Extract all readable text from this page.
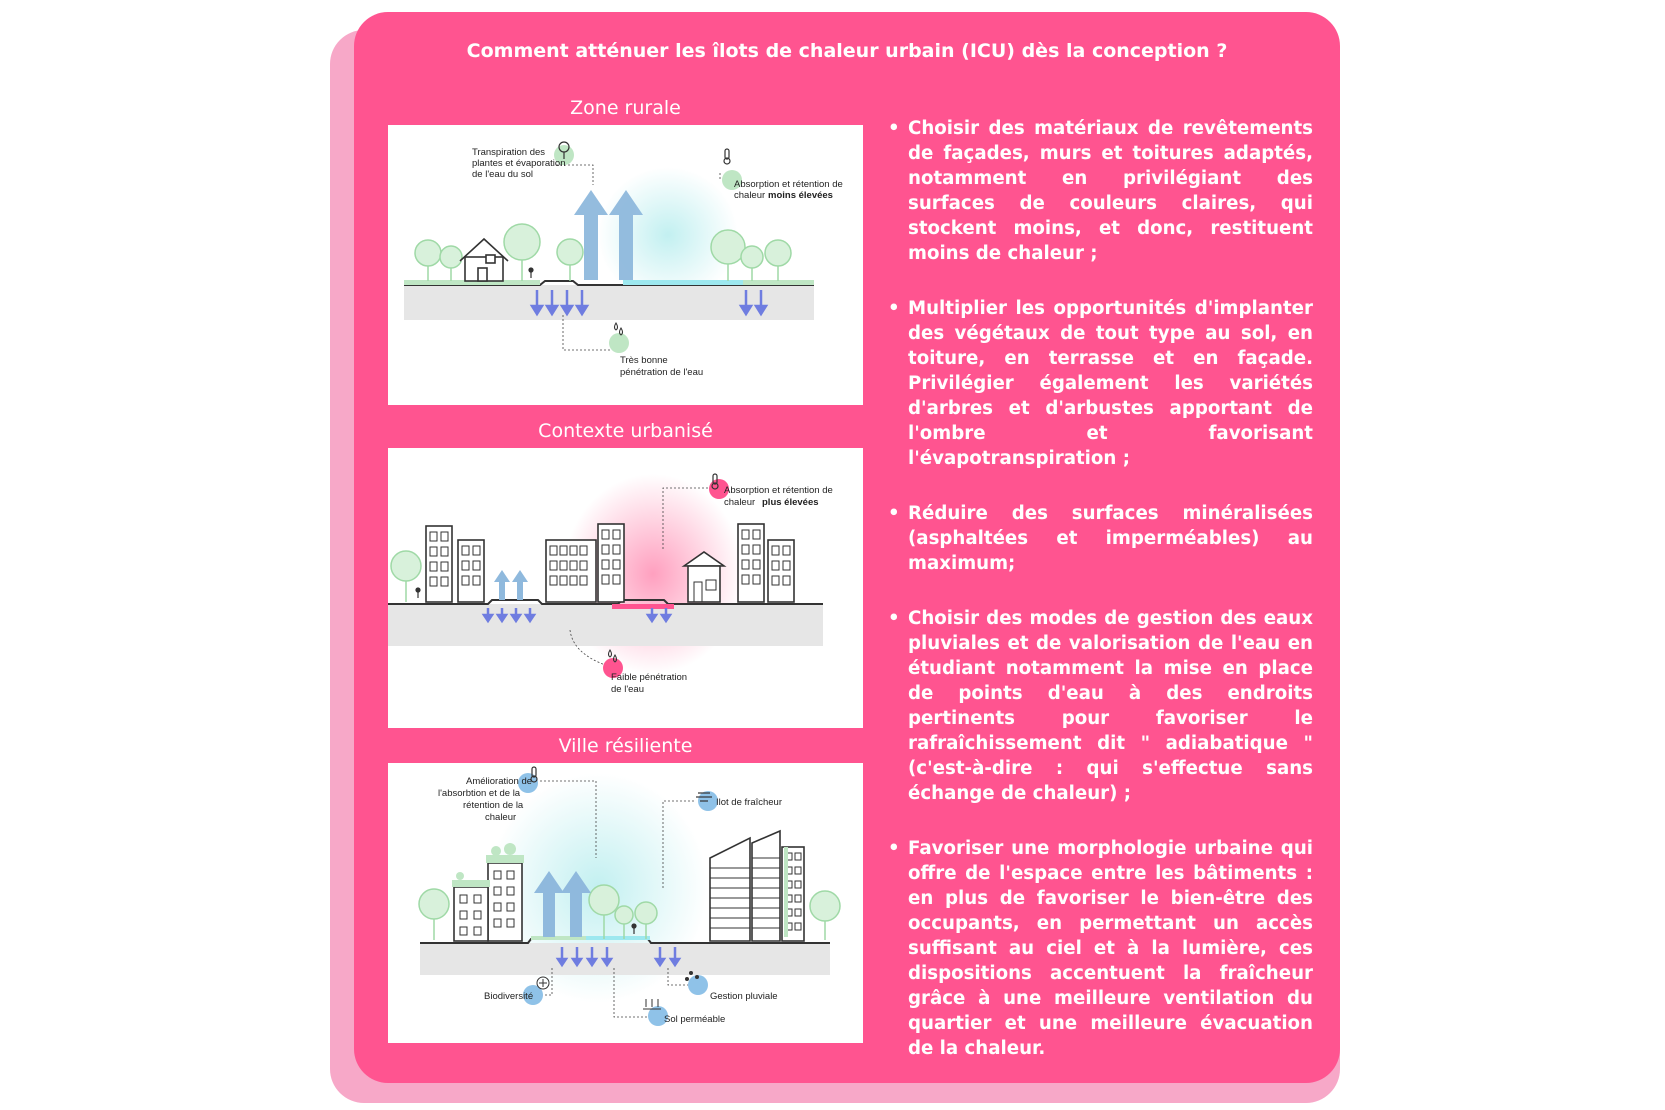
Comment atténuer les îlots de chaleur urbain (ICU) dès la conception ?
Zone rurale
Transpiration des
plantes et évaporation
de l'eau du sol
Absorption et rétention de
chaleur moins élevées
Très bonne
pénétration de l'eau
Contexte urbanisé
Absorption et rétention de
chaleur plus élevées
Faible pénétration
de l'eau
Ville résiliente
Amélioration de
l'absorbtion et de la
rétention de la
chaleur
Ilot de fraîcheur
Gestion pluviale
Biodiversité
Sol perméable
• Choisir des matériaux de revêtements de façades, murs et toitures adaptés, notamment en privilégiant des surfaces de couleurs claires, qui stockent moins, et donc, restituent moins de chaleur ;
• Multiplier les opportunités d'implanter des végétaux de tout type au sol, en toiture, en terrasse et en façade. Privilégier également les variétés d'arbres et d'arbustes apportant de l'ombre et favorisant l'évapotranspiration ;
• Réduire des surfaces minéralisées (asphaltées et imperméables) au maximum;
• Choisir des modes de gestion des eaux pluviales et de valorisation de l'eau en étudiant notamment la mise en place de points d'eau à des endroits pertinents pour favoriser le rafraîchissement dit " adiabatique " (c'est-à-dire : qui s'effectue sans échange de chaleur) ;
• Favoriser une morphologie urbaine qui offre de l'espace entre les bâtiments : en plus de favoriser le bien-être des occupants, en permettant un accès suffisant au ciel et à la lumière, ces dispositions accentuent la fraîcheur grâce à une meilleure ventilation du quartier et une meilleure évacuation de la chaleur.
